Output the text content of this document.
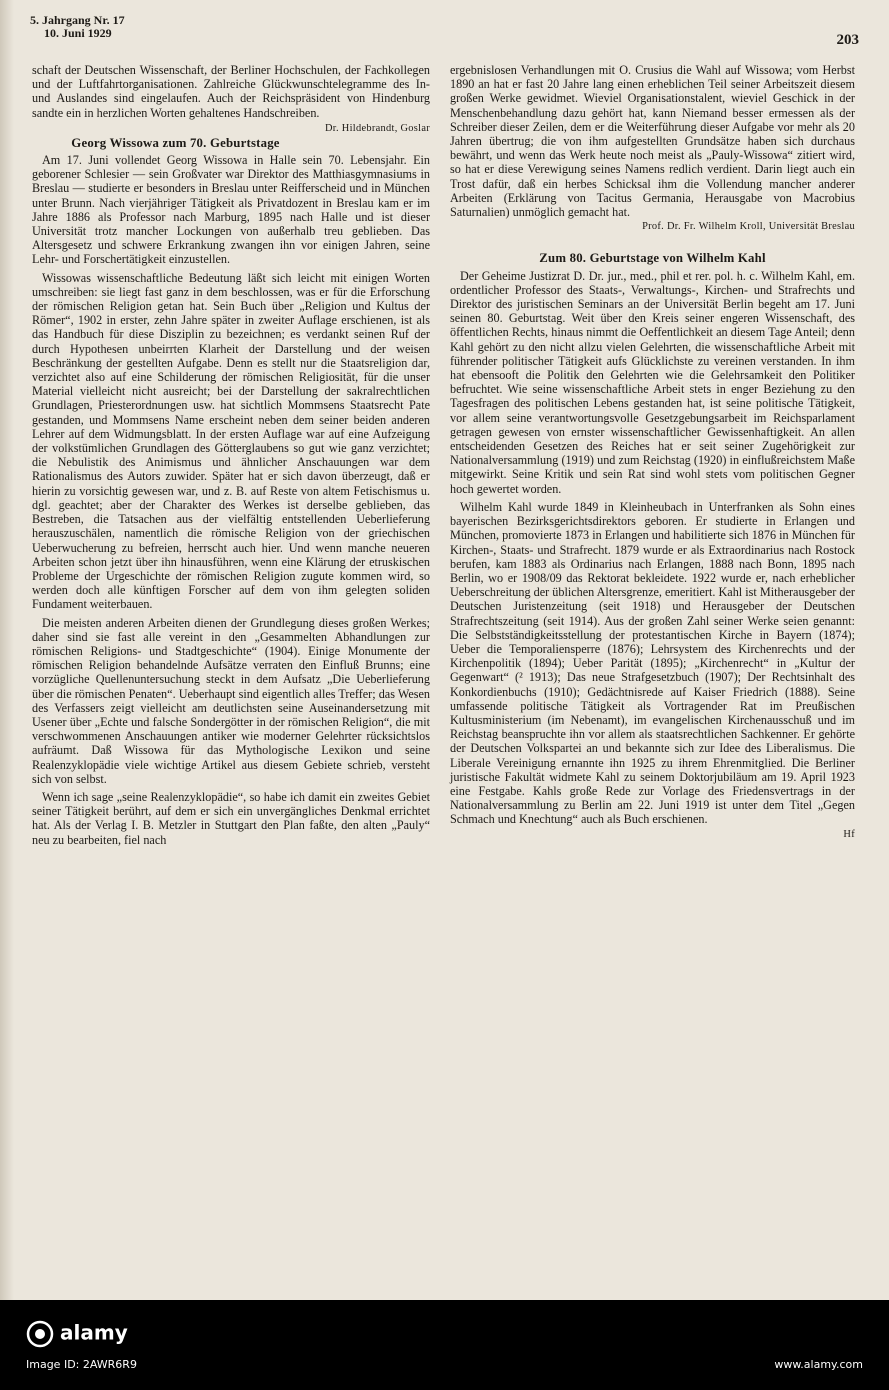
5. Jahrgang Nr. 17
10. Juni 1929	203

schaft der Deutschen Wissenschaft, der Berliner Hochschulen, der Fachkollegen und der Luftfahrtorganisationen. Zahlreiche Glückwunschtelegramme des In- und Auslandes sind eingelaufen. Auch der Reichspräsident von Hindenburg sandte ein in herzlichen Worten gehaltenes Handschreiben.
Dr. Hildebrandt, Goslar

Georg Wissowa zum 70. Geburtstage

Am 17. Juni vollendet Georg Wissowa in Halle sein 70. Lebensjahr. Ein geborener Schlesier — sein Großvater war Direktor des Matthiasgymnasiums in Breslau — studierte er besonders in Breslau unter Reifferscheid und in München unter Brunn. Nach vierjähriger Tätigkeit als Privatdozent in Breslau kam er im Jahre 1886 als Professor nach Marburg, 1895 nach Halle und ist dieser Universität trotz mancher Lockungen von außerhalb treu geblieben. Das Altersgesetz und schwere Erkrankung zwangen ihn vor einigen Jahren, seine Lehr- und Forschertätigkeit einzustellen.

Wissowas wissenschaftliche Bedeutung läßt sich leicht mit einigen Worten umschreiben: sie liegt fast ganz in dem beschlossen, was er für die Erforschung der römischen Religion getan hat. Sein Buch über „Religion und Kultus der Römer“, 1902 in erster, zehn Jahre später in zweiter Auflage erschienen, ist als das Handbuch für diese Disziplin zu bezeichnen; es verdankt seinen Ruf der durch Hypothesen unbeirrten Klarheit der Darstellung und der weisen Beschränkung der gestellten Aufgabe. Denn es stellt nur die Staatsreligion dar, verzichtet also auf eine Schilderung der römischen Religiosität, für die unser Material vielleicht nicht ausreicht; bei der Darstellung der sakralrechtlichen Grundlagen, Priesterordnungen usw. hat sichtlich Mommsens Staatsrecht Pate gestanden, und Mommsens Name erscheint neben dem seiner beiden anderen Lehrer auf dem Widmungsblatt. In der ersten Auflage war auf eine Aufzeigung der volkstümlichen Grundlagen des Götterglaubens so gut wie ganz verzichtet; die Nebulistik des Animismus und ähnlicher Anschauungen war dem Rationalismus des Autors zuwider. Später hat er sich davon überzeugt, daß er hierin zu vorsichtig gewesen war, und z. B. auf Reste von altem Fetischismus u. dgl. geachtet; aber der Charakter des Werkes ist derselbe geblieben, das Bestreben, die Tatsachen aus der vielfältig entstellenden Ueberlieferung herauszuschälen, namentlich die römische Religion von der griechischen Ueberwucherung zu befreien, herrscht auch hier. Und wenn manche neueren Arbeiten schon jetzt über ihn hinausführen, wenn eine Klärung der etruskischen Probleme der Urgeschichte der römischen Religion zugute kommen wird, so werden doch alle künftigen Forscher auf dem von ihm gelegten soliden Fundament weiterbauen.

Die meisten anderen Arbeiten dienen der Grundlegung dieses großen Werkes; daher sind sie fast alle vereint in den „Gesammelten Abhandlungen zur römischen Religions- und Stadtgeschichte“ (1904). Einige Monumente der römischen Religion behandelnde Aufsätze verraten den Einfluß Brunns; eine vorzügliche Quellenuntersuchung steckt in dem Aufsatz „Die Ueberlieferung über die römischen Penaten“. Ueberhaupt sind eigentlich alles Treffer; das Wesen des Verfassers zeigt vielleicht am deutlichsten seine Auseinandersetzung mit Usener über „Echte und falsche Sondergötter in der römischen Religion“, die mit verschwommenen Anschauungen antiker wie moderner Gelehrter rücksichtslos aufräumt. Daß Wissowa für das Mythologische Lexikon und seine Realenzyklopädie viele wichtige Artikel aus diesem Gebiete schrieb, versteht sich von selbst.

Wenn ich sage „seine Realenzyklopädie“, so habe ich damit ein zweites Gebiet seiner Tätigkeit berührt, auf dem er sich ein unvergängliches Denkmal errichtet hat. Als der Verlag I. B. Metzler in Stuttgart den Plan faßte, den alten „Pauly“ neu zu bearbeiten, fiel nach

ergebnislosen Verhandlungen mit O. Crusius die Wahl auf Wissowa; vom Herbst 1890 an hat er fast 20 Jahre lang einen erheblichen Teil seiner Arbeitszeit diesem großen Werke gewidmet. Wieviel Organisationstalent, wieviel Geschick in der Menschenbehandlung dazu gehört hat, kann Niemand besser ermessen als der Schreiber dieser Zeilen, dem er die Weiterführung dieser Aufgabe vor mehr als 20 Jahren übertrug; die von ihm aufgestellten Grundsätze haben sich durchaus bewährt, und wenn das Werk heute noch meist als „Pauly-Wissowa“ zitiert wird, so hat er diese Verewigung seines Namens redlich verdient. Darin liegt auch ein Trost dafür, daß ein herbes Schicksal ihm die Vollendung mancher anderer Arbeiten (Erklärung von Tacitus Germania, Herausgabe von Macrobius Saturnalien) unmöglich gemacht hat.

Prof. Dr. Fr. Wilhelm Kroll, Universität Breslau
Zum 80. Geburtstage von Wilhelm Kahl

Der Geheime Justizrat D. Dr. jur., med., phil et rer. pol. h. c. Wilhelm Kahl, em. ordentlicher Professor des Staats-, Verwaltungs-, Kirchen- und Strafrechts und Direktor des juristischen Seminars an der Universität Berlin begeht am 17. Juni seinen 80. Geburtstag. Weit über den Kreis seiner engeren Wissenschaft, des öffentlichen Rechts, hinaus nimmt die Oeffentlichkeit an diesem Tage Anteil; denn Kahl gehört zu den nicht allzu vielen Gelehrten, die wissenschaftliche Arbeit mit führender politischer Tätigkeit aufs Glücklichste zu vereinen verstanden. In ihm hat ebensooft die Politik den Gelehrten wie die Gelehrsamkeit den Politiker befruchtet. Wie seine wissenschaftliche Arbeit stets in enger Beziehung zu den Tagesfragen des politischen Lebens gestanden hat, ist seine politische Tätigkeit, vor allem seine verantwortungsvolle Gesetzgebungsarbeit im Reichsparlament getragen gewesen von ernster wissenschaftlicher Gewissenhaftigkeit. An allen entscheidenden Gesetzen des Reiches hat er seit seiner Zugehörigkeit zur Nationalversammlung (1919) und zum Reichstag (1920) in einflußreichstem Maße mitgewirkt. Seine Kritik und sein Rat sind wohl stets vom politischen Gegner hoch gewertet worden.

Wilhelm Kahl wurde 1849 in Kleinheubach in Unterfranken als Sohn eines bayerischen Bezirksgerichtsdirektors geboren. Er studierte in Erlangen und München, promovierte 1873 in Erlangen und habilitierte sich 1876 in München für Kirchen-, Staats- und Strafrecht. 1879 wurde er als Extraordinarius nach Rostock berufen, kam 1883 als Ordinarius nach Erlangen, 1888 nach Bonn, 1895 nach Berlin, wo er 1908/09 das Rektorat bekleidete. 1922 wurde er, nach erheblicher Ueberschreitung der üblichen Altersgrenze, emeritiert. Kahl ist Mitherausgeber der Deutschen Juristenzeitung (seit 1918) und Herausgeber der Deutschen Strafrechtszeitung (seit 1914). Aus der großen Zahl seiner Werke seien genannt: Die Selbstständigkeitsstellung der protestantischen Kirche in Bayern (1874); Ueber die Temporaliensperre (1876); Lehrsystem des Kirchenrechts und der Kirchenpolitik (1894); Ueber Parität (1895); „Kirchenrecht“ in „Kultur der Gegenwart“ (² 1913); Das neue Strafgesetzbuch (1907); Der Rechtsinhalt des Konkordienbuchs (1910); Gedächtnisrede auf Kaiser Friedrich (1888). Seine umfassende politische Tätigkeit als Vortragender Rat im Preußischen Kultusministerium (im Nebenamt), im evangelischen Kirchenausschuß und im Reichstag beanspruchte ihn vor allem als staatsrechtlichen Sachkenner. Er gehörte der Deutschen Volkspartei an und bekannte sich zur Idee des Liberalismus. Die Liberale Vereinigung ernannte ihn 1925 zu ihrem Ehrenmitglied. Die Berliner juristische Fakultät widmete Kahl zu seinem Doktorjubiläum am 19. April 1923 eine Festgabe. Kahls große Rede zur Vorlage des Friedensvertrags in der Nationalversammlung zu Berlin am 22. Juni 1919 ist unter dem Titel „Gegen Schmach und Knechtung“ auch als Buch erschienen.

Hf
alamy
Image ID: 2AWR6R9	www.alamy.com
